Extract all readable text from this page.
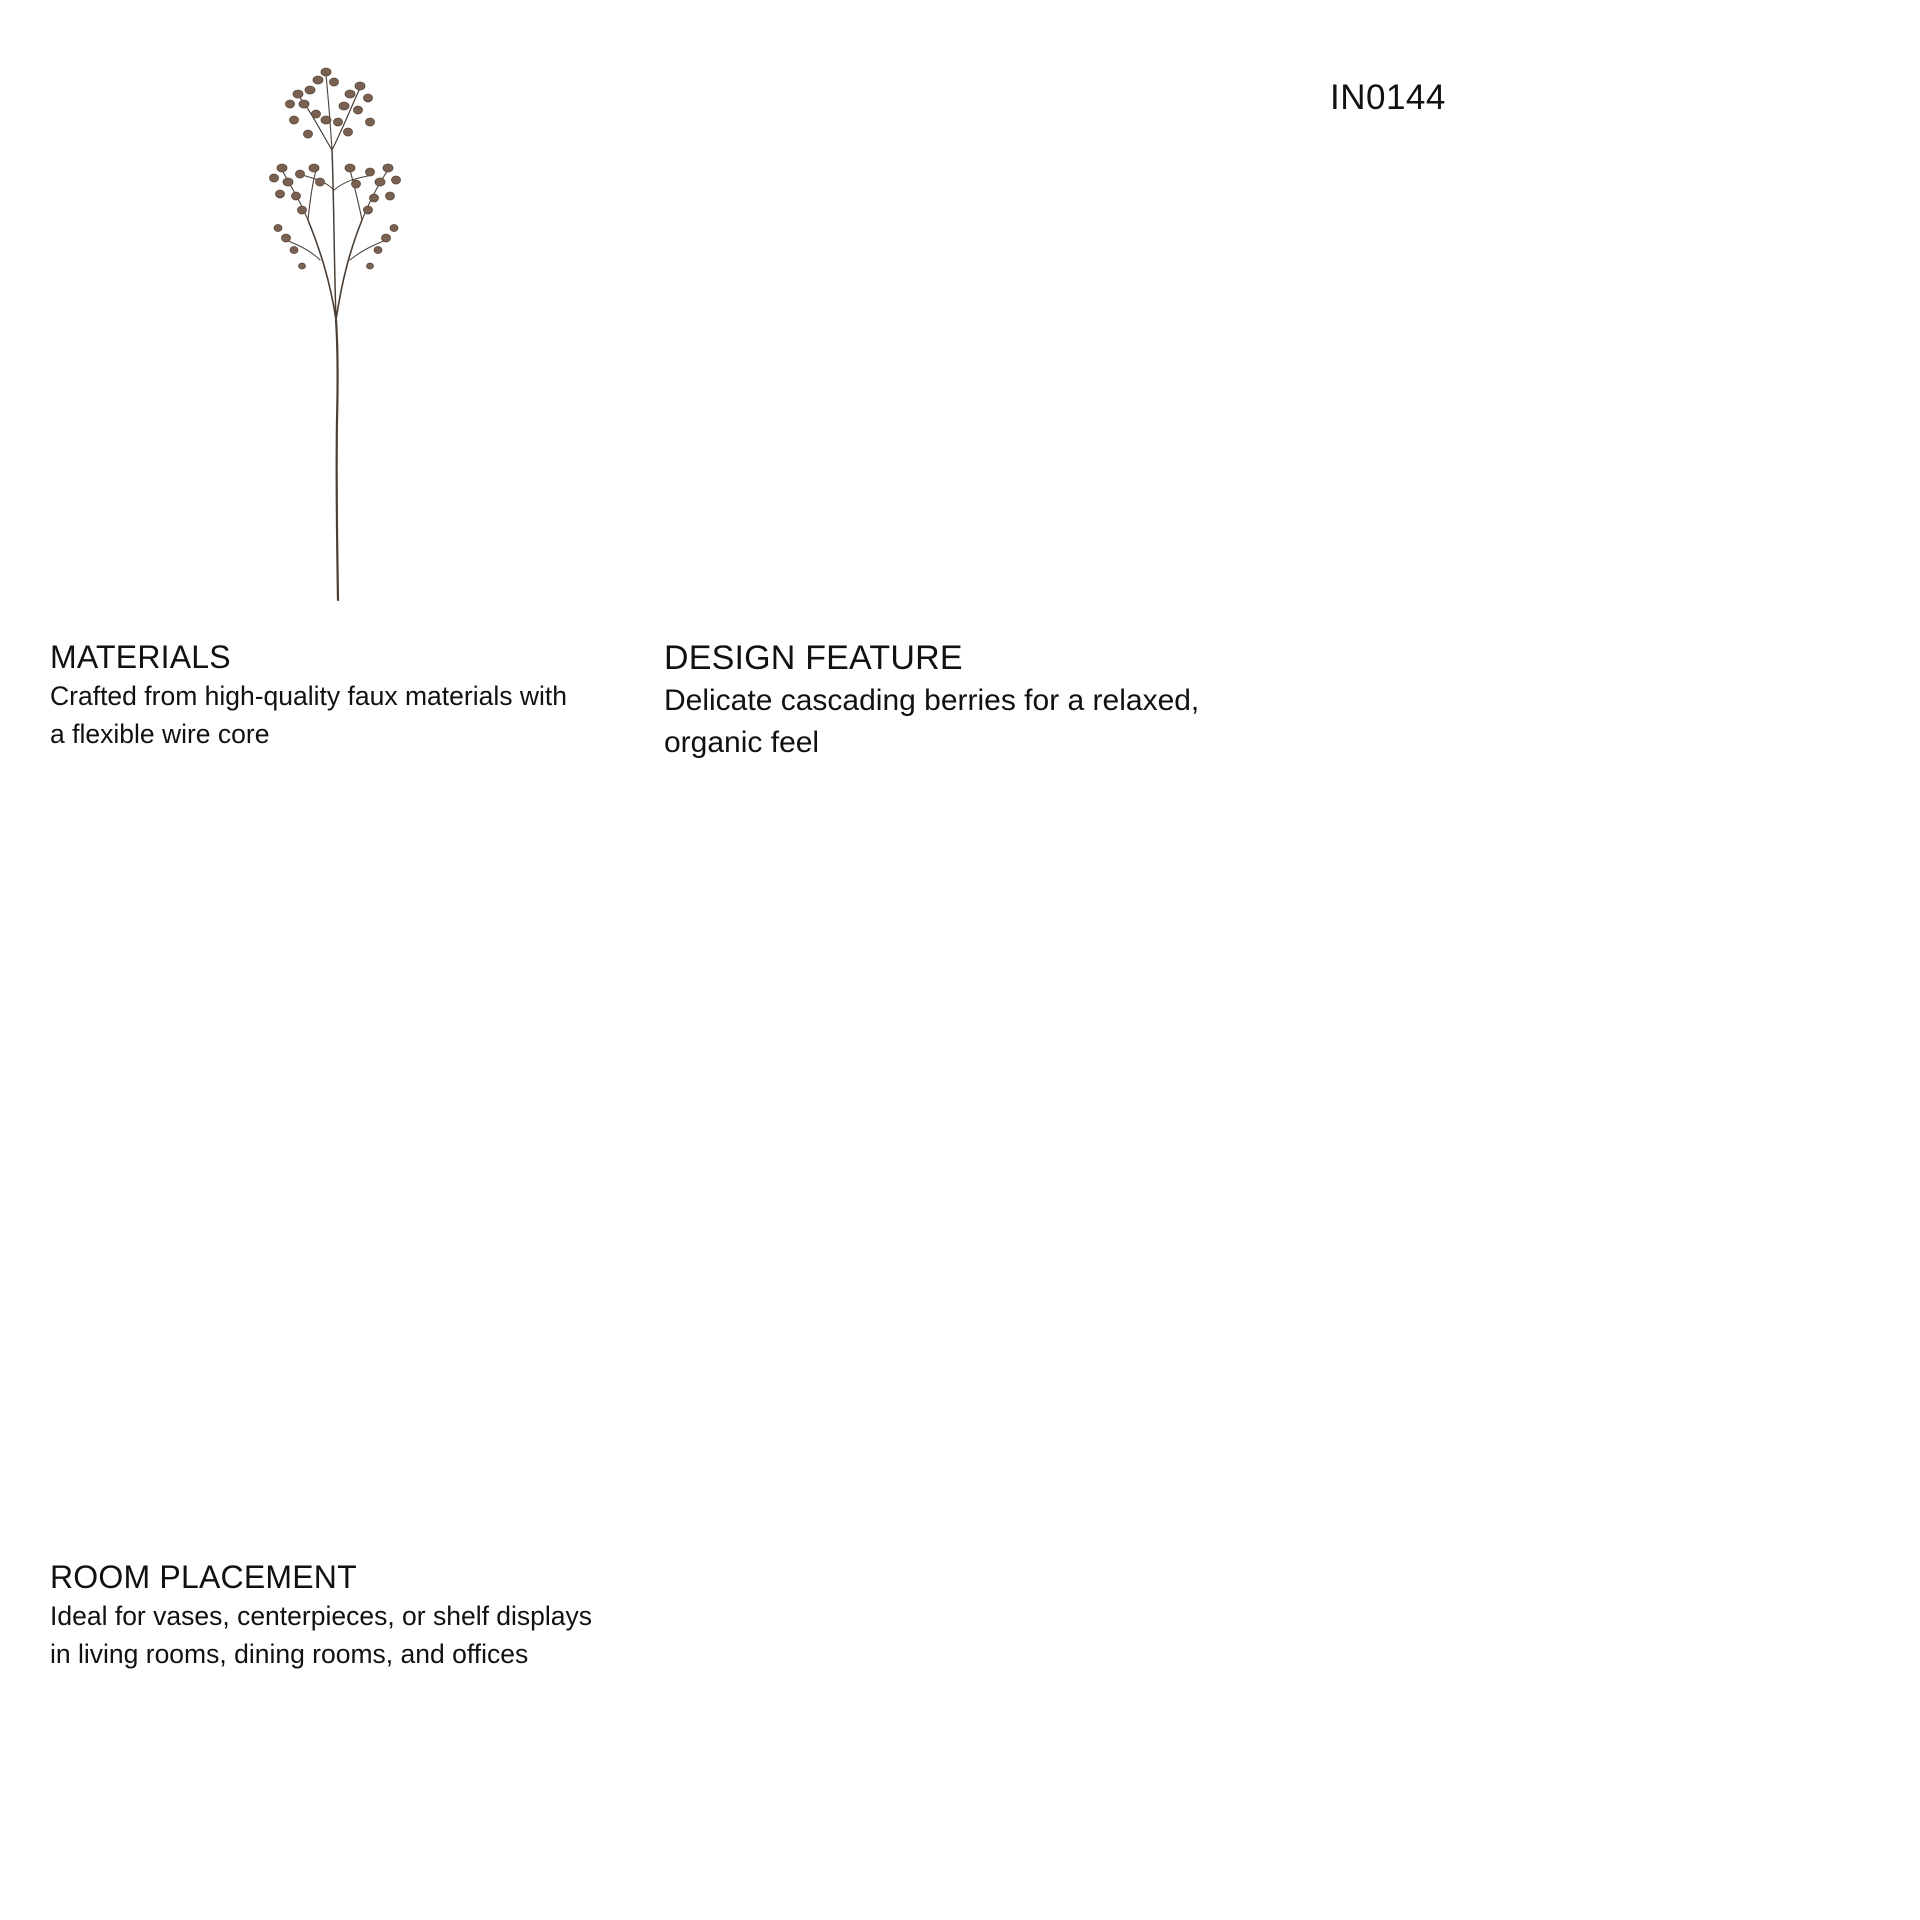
IN0144

MATERIALS

Crafted from high-quality faux materials with
a flexible wire core

DESIGN FEATURE

Delicate cascading berries for a relaxed,
organic feel

ROOM PLACEMENT

Ideal for vases, centerpieces, or shelf displays
in living rooms, dining rooms, and offices
